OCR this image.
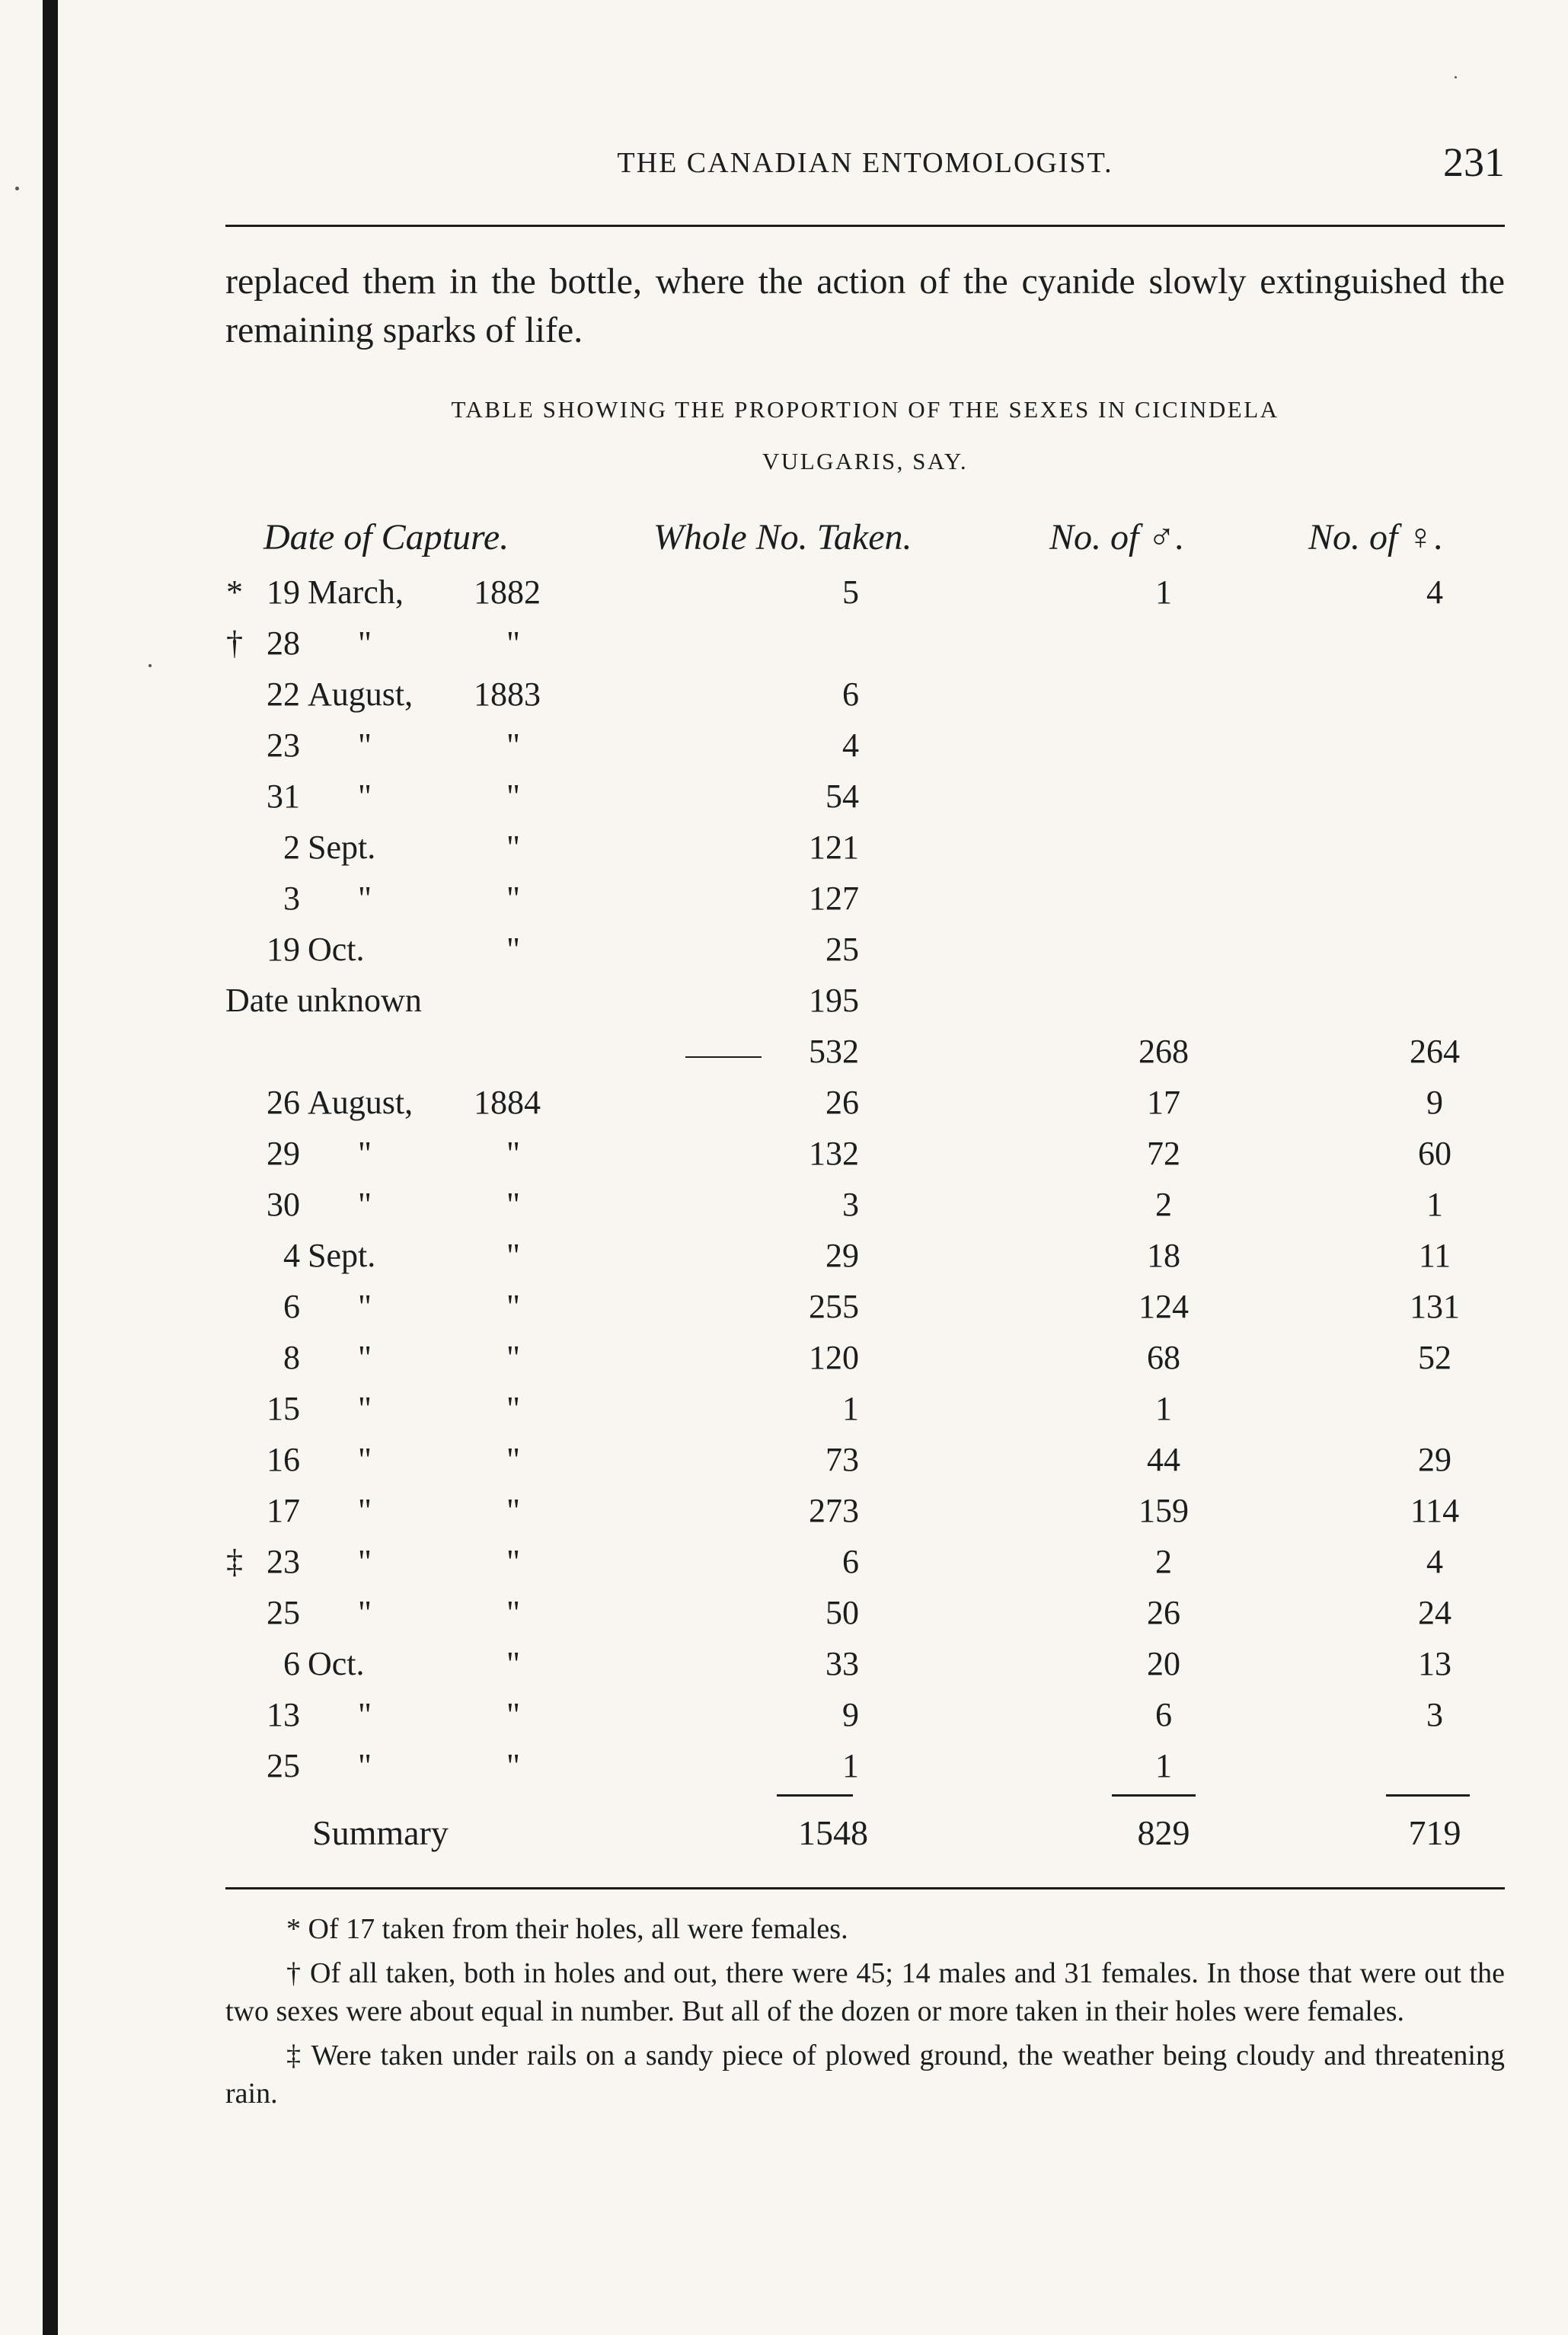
THE CANADIAN ENTOMOLOGIST.	231
replaced them in the bottle, where the action of the cyanide slowly extinguished the remaining sparks of life.
TABLE SHOWING THE PROPORTION OF THE SEXES IN CICINDELA
VULGARIS, SAY.
Date of Capture.	Whole No. Taken.	No. of ♂.	No. of ♀.
* 19 March, 1882	5	1	4
† 28 "	"
22 August, 1883	6
23 "	"	4
31 "	"	54
2 Sept.	"	121
3 "	"	127
19 Oct.	"	25
Date unknown	195
532	268	264
26 August, 1884	26	17	9
29 "	"	132	72	60
30 "	"	3	2	1
4 Sept.	"	29	18	11
6 "	"	255	124	131
8 "	"	120	68	52
15 "	"	1	1
16 "	"	73	44	29
17 "	"	273	159	114
‡ 23 "	"	6	2	4
25 "	"	50	26	24
6 Oct.	"	33	20	13
13 "	"	9	6	3
25 "	"	1	1
Summary	1548	829	719

* Of 17 taken from their holes, all were females.

† Of all taken, both in holes and out, there were 45; 14 males and 31 females. In those that were out the two sexes were about equal in number. But all of the dozen or more taken in their holes were females.

‡ Were taken under rails on a sandy piece of plowed ground, the weather being cloudy and threatening rain.
